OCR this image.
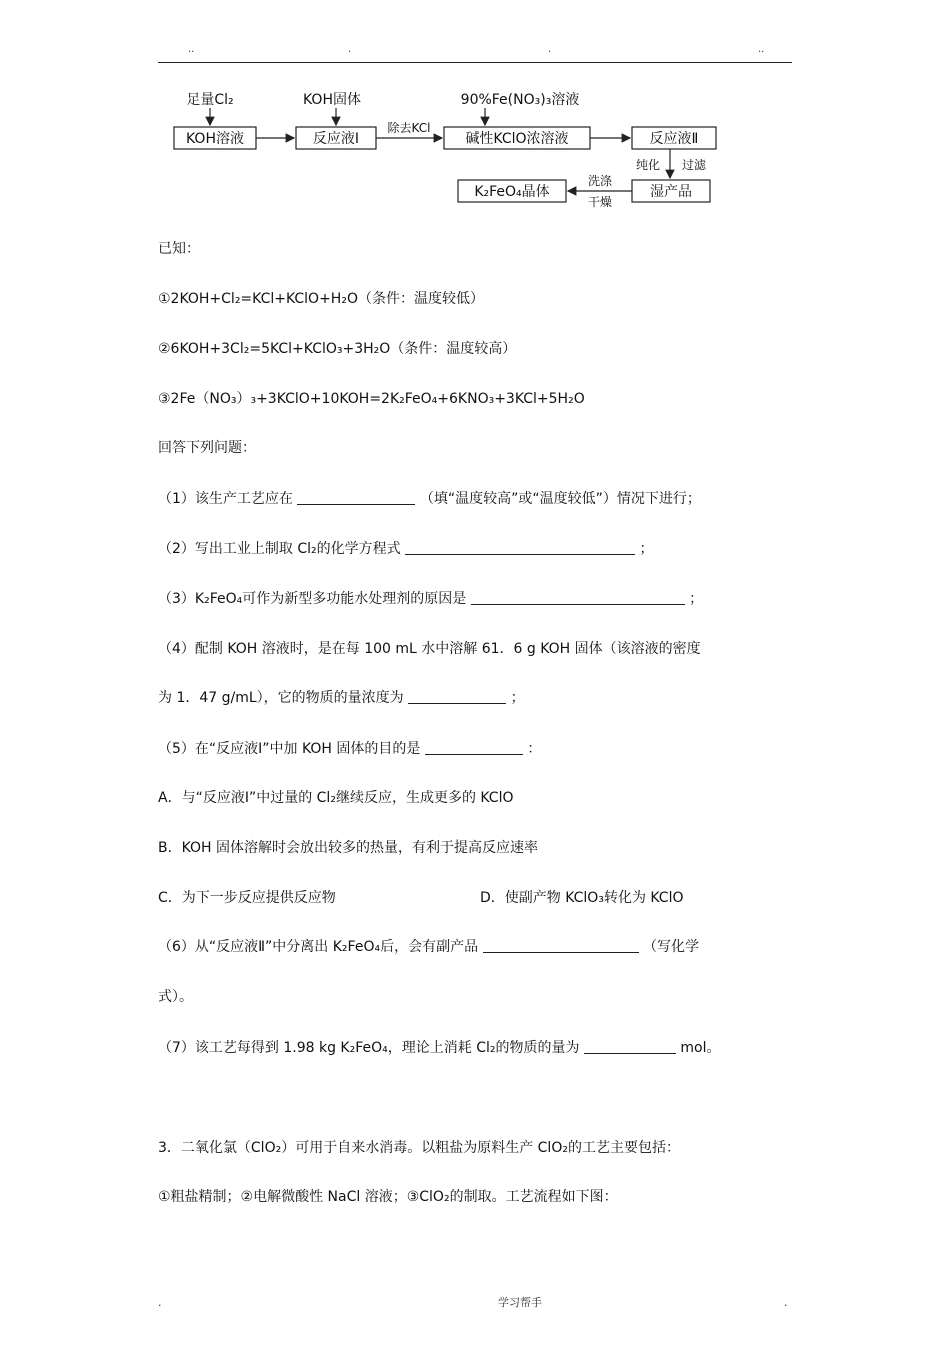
..	.	.	..
KOH溶液	反应液Ⅰ	碱性KClO浓溶液	反应液Ⅱ
湿产品
K₂FeO₄晶体
足量Cl₂	KOH固体	90%Fe(NO₃)₃溶液
除去KCl
纯化 过滤
洗涤
干燥
已知：
①2KOH+Cl₂=KCl+KClO+H₂O（条件：温度较低）
②6KOH+3Cl₂=5KCl+KClO₃+3H₂O（条件：温度较高）
③2Fe（NO₃）₃+3KClO+10KOH=2K₂FeO₄+6KNO₃+3KCl+5H₂O
回答下列问题：
（1）该生产工艺应在	（填“温度较高”或“温度较低”）情况下进行；
（2）写出工业上制取 Cl₂的化学方程式	；
（3）K₂FeO₄可作为新型多功能水处理剂的原因是	；
（4）配制 KOH 溶液时，是在每 100 mL 水中溶解 61．6 g KOH 固体（该溶液的密度
为 1．47 g/mL），它的物质的量浓度为	；
（5）在“反应液Ⅰ”中加 KOH 固体的目的是	：
A．与“反应液Ⅰ”中过量的 Cl₂继续反应，生成更多的 KClO
B．KOH 固体溶解时会放出较多的热量，有利于提高反应速率
C．为下一步反应提供反应物	D．使副产物 KClO₃转化为 KClO
（6）从“反应液Ⅱ”中分离出 K₂FeO₄后，会有副产品	（写化学
式）。
（7）该工艺每得到 1.98 kg K₂FeO₄，理论上消耗 Cl₂的物质的量为	mol。
3．二氧化氯（ClO₂）可用于自来水消毒。以粗盐为原料生产 ClO₂的工艺主要包括：
①粗盐精制；②电解微酸性 NaCl 溶液；③ClO₂的制取。工艺流程如下图：
.	学习帮手	.
